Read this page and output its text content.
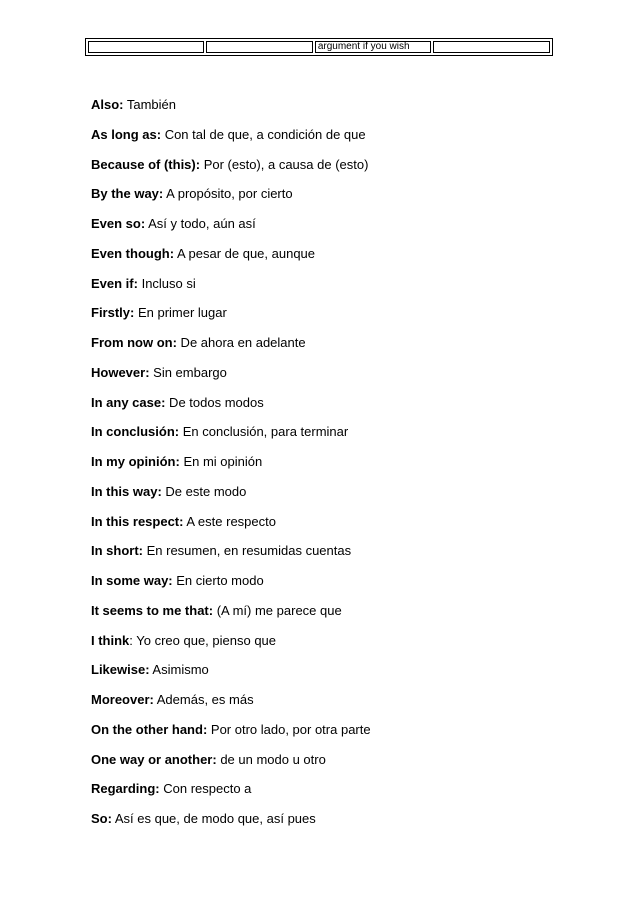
		argument if you wish	
Also: También
As long as: Con tal de que, a condición de que
Because of (this): Por (esto), a causa de (esto)
By the way: A propósito, por cierto
Even so: Así y todo, aún así
Even though: A pesar de que, aunque
Even if: Incluso si
Firstly: En primer lugar
From now on: De ahora en adelante
However: Sin embargo
In any case: De todos modos
In conclusión: En conclusión, para terminar
In my opinión: En mi opinión
In this way: De este modo
In this respect: A este respecto
In short: En resumen, en resumidas cuentas
In some way: En cierto modo
It seems to me that: (A mí) me parece que
I think: Yo creo que, pienso que
Likewise: Asimismo
Moreover: Además, es más
On the other hand: Por otro lado, por otra parte
One way or another: de un modo u otro
Regarding: Con respecto a
So: Así es que, de modo que, así pues
